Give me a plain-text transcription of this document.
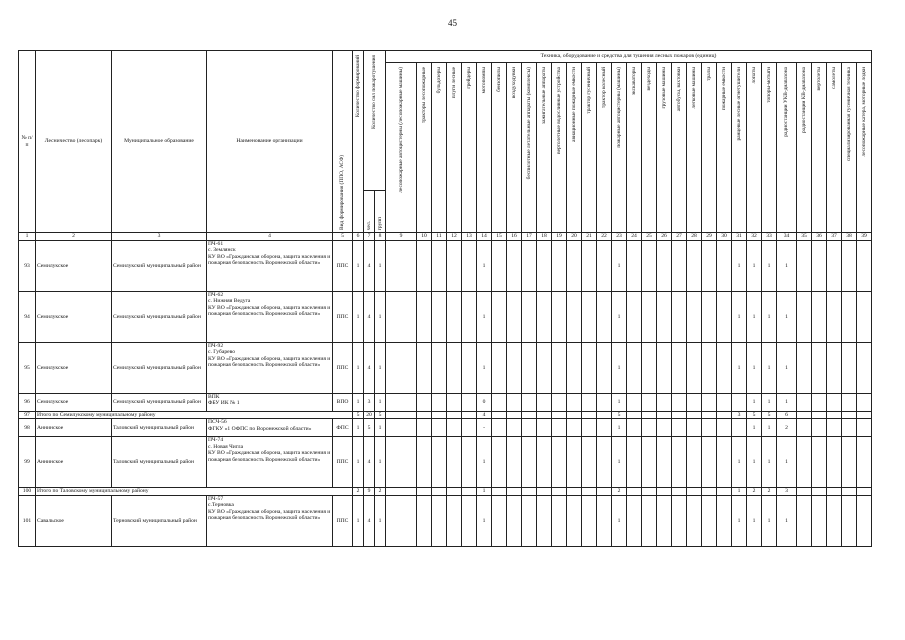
45
№ п/п	Лесничество (лесопарк)	Муниципальное образование	Наименование организации	Вид формирования (ППО, АСФ)	Количество формирований	Количество сил пожаротушения		Техника, оборудование и средства для тушения лесных пожаров (единиц)																														

								лесопожарные автоцистерны (лесопожарные машины)	тракторы лесопожарные	бульдозеры	плуги лесные	грейдеры	мотопомпы	бензопилы	воздуходувки	беспилотные летательные аппараты (комплексы)	зажигательные аппараты	вертолетные водосливные устройства	авиационные пожарные емкости	трактор гусеничный	трактор колесный	пожарные автоцистерны (машины)	экскаваторы	вездеходы	грузовые машины	автобусы, вахтовки	легковые машины	тралы	пожарные емкости	ранцевые лесные огнетушители	лопаты	топоры-мотыги	радиостанции УКВ-диапазона	радиостанции КВ-диапазона	вертолеты	самолеты	специализированная гусеничная техника	лесопожарные катера, моторные лодки

						чел.	групп																															

1	2	3	4	5	6	7	8	9	10	11	12	13	14	15	16	17	18	19	20	21	22	23	24	25	26	27	28	29	30	31	32	33	34	35	36	37	38	39
93	Семилукское	Семилукский муниципальный район	ПЧ-61
с. Землянск
КУ ВО «Гражданская оборона, защита населения и пожарная безопасность Воронежской области»	ППС	1	4	1						1									1								1	1	1	1					
94	Семилукское	Семилукский муниципальный район	ПЧ-62
с. Нижняя Ведуга
КУ ВО «Гражданская оборона, защита населения и пожарная безопасность Воронежской области»	ППС	1	4	1						1									1								1	1	1	1					
95	Семилукское	Семилукский муниципальный район	ПЧ-92
с. Губарево
КУ ВО «Гражданская оборона, защита населения и пожарная безопасность Воронежской области»	ППС	1	4	1						1									1								1	1	1	1					
96	Семилукское	Семилукский муниципальный район	ВПК
ФБУ ИК № 1	ВПО	1	3	1						0									1									1	1	1					
97	Итого по Семилукскому муниципальному району				5	20	5						4									5								3	5	5	6					
98	Аннинское	Таловский муниципальный район	ПСЧ-56
ФГКУ «1 ОФПС по Воронежской области»	ФПС	1	5	1						-									1									1	1	2					
99	Аннинское	Таловский муниципальный район	ПЧ-74
с. Новая Чигла
КУ ВО «Гражданская оборона, защита населения и пожарная безопасность Воронежской области»	ППС	1	4	1						1									1								1	1	1	1					
100	Итого по Таловскому муниципальному району				2	9	2						1									2								1	2	2	3					
101	Савальское	Терновский муниципальный район	ПЧ-57
с.Терновка
КУ ВО «Гражданская оборона, защита населения и пожарная безопасность Воронежской области»	ППС	1	4	1						1									1								1	1	1	1					
